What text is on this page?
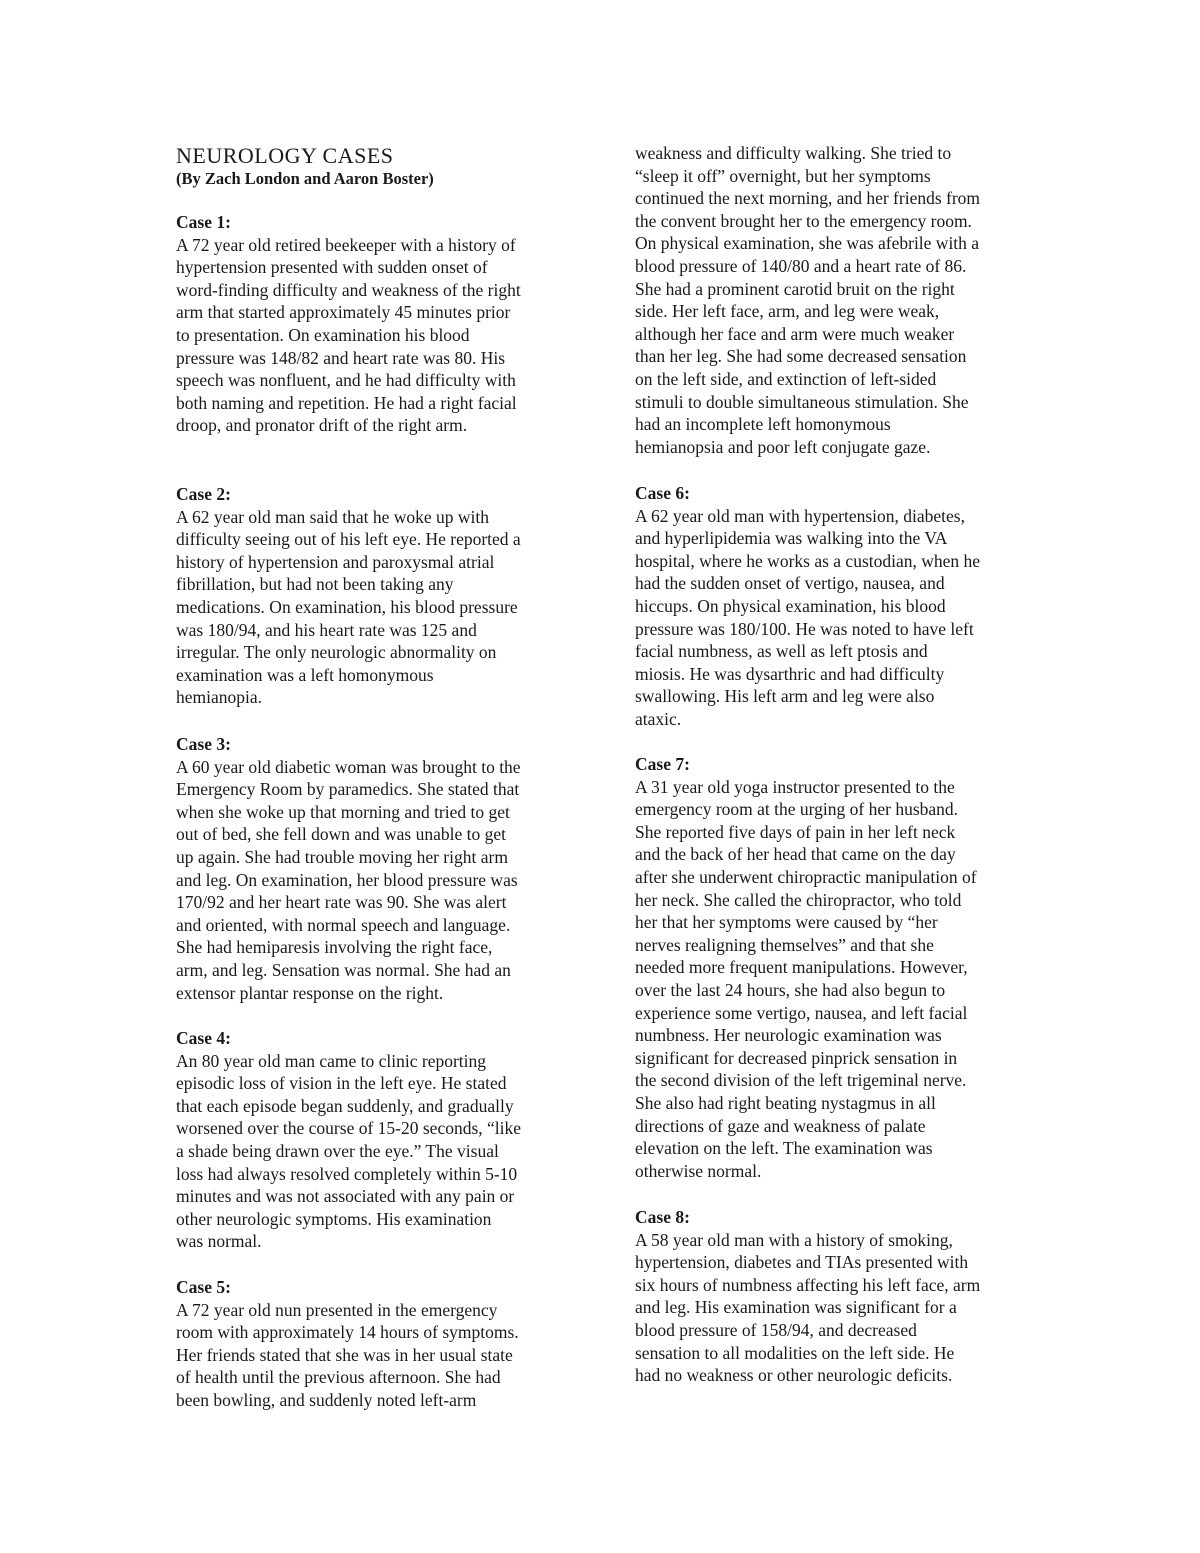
NEUROLOGY CASES

(By Zach London and Aaron Boster)

Case 1:

A 72 year old retired beekeeper with a history of
hypertension presented with sudden onset of
word-finding difficulty and weakness of the right
arm that started approximately 45 minutes prior
to presentation. On examination his blood
pressure was 148/82 and heart rate was 80. His
speech was nonfluent, and he had difficulty with
both naming and repetition. He had a right facial
droop, and pronator drift of the right arm.

Case 2:

A 62 year old man said that he woke up with
difficulty seeing out of his left eye. He reported a
history of hypertension and paroxysmal atrial
fibrillation, but had not been taking any
medications. On examination, his blood pressure
was 180/94, and his heart rate was 125 and
irregular. The only neurologic abnormality on
examination was a left homonymous
hemianopia.

Case 3:

A 60 year old diabetic woman was brought to the
Emergency Room by paramedics. She stated that
when she woke up that morning and tried to get
out of bed, she fell down and was unable to get
up again. She had trouble moving her right arm
and leg. On examination, her blood pressure was
170/92 and her heart rate was 90. She was alert
and oriented, with normal speech and language.
She had hemiparesis involving the right face,
arm, and leg. Sensation was normal. She had an
extensor plantar response on the right.

Case 4:

An 80 year old man came to clinic reporting
episodic loss of vision in the left eye. He stated
that each episode began suddenly, and gradually
worsened over the course of 15-20 seconds, “like
a shade being drawn over the eye.” The visual
loss had always resolved completely within 5-10
minutes and was not associated with any pain or
other neurologic symptoms. His examination
was normal.

Case 5:

A 72 year old nun presented in the emergency
room with approximately 14 hours of symptoms.
Her friends stated that she was in her usual state
of health until the previous afternoon. She had
been bowling, and suddenly noted left-arm

weakness and difficulty walking. She tried to
“sleep it off” overnight, but her symptoms
continued the next morning, and her friends from
the convent brought her to the emergency room.
On physical examination, she was afebrile with a
blood pressure of 140/80 and a heart rate of 86.
She had a prominent carotid bruit on the right
side. Her left face, arm, and leg were weak,
although her face and arm were much weaker
than her leg. She had some decreased sensation
on the left side, and extinction of left-sided
stimuli to double simultaneous stimulation. She
had an incomplete left homonymous
hemianopsia and poor left conjugate gaze.

Case 6:

A 62 year old man with hypertension, diabetes,
and hyperlipidemia was walking into the VA
hospital, where he works as a custodian, when he
had the sudden onset of vertigo, nausea, and
hiccups. On physical examination, his blood
pressure was 180/100. He was noted to have left
facial numbness, as well as left ptosis and
miosis. He was dysarthric and had difficulty
swallowing. His left arm and leg were also
ataxic.

Case 7:

A 31 year old yoga instructor presented to the
emergency room at the urging of her husband.
She reported five days of pain in her left neck
and the back of her head that came on the day
after she underwent chiropractic manipulation of
her neck. She called the chiropractor, who told
her that her symptoms were caused by “her
nerves realigning themselves” and that she
needed more frequent manipulations. However,
over the last 24 hours, she had also begun to
experience some vertigo, nausea, and left facial
numbness. Her neurologic examination was
significant for decreased pinprick sensation in
the second division of the left trigeminal nerve.
She also had right beating nystagmus in all
directions of gaze and weakness of palate
elevation on the left. The examination was
otherwise normal.

Case 8:

A 58 year old man with a history of smoking,
hypertension, diabetes and TIAs presented with
six hours of numbness affecting his left face, arm
and leg. His examination was significant for a
blood pressure of 158/94, and decreased
sensation to all modalities on the left side. He
had no weakness or other neurologic deficits.
